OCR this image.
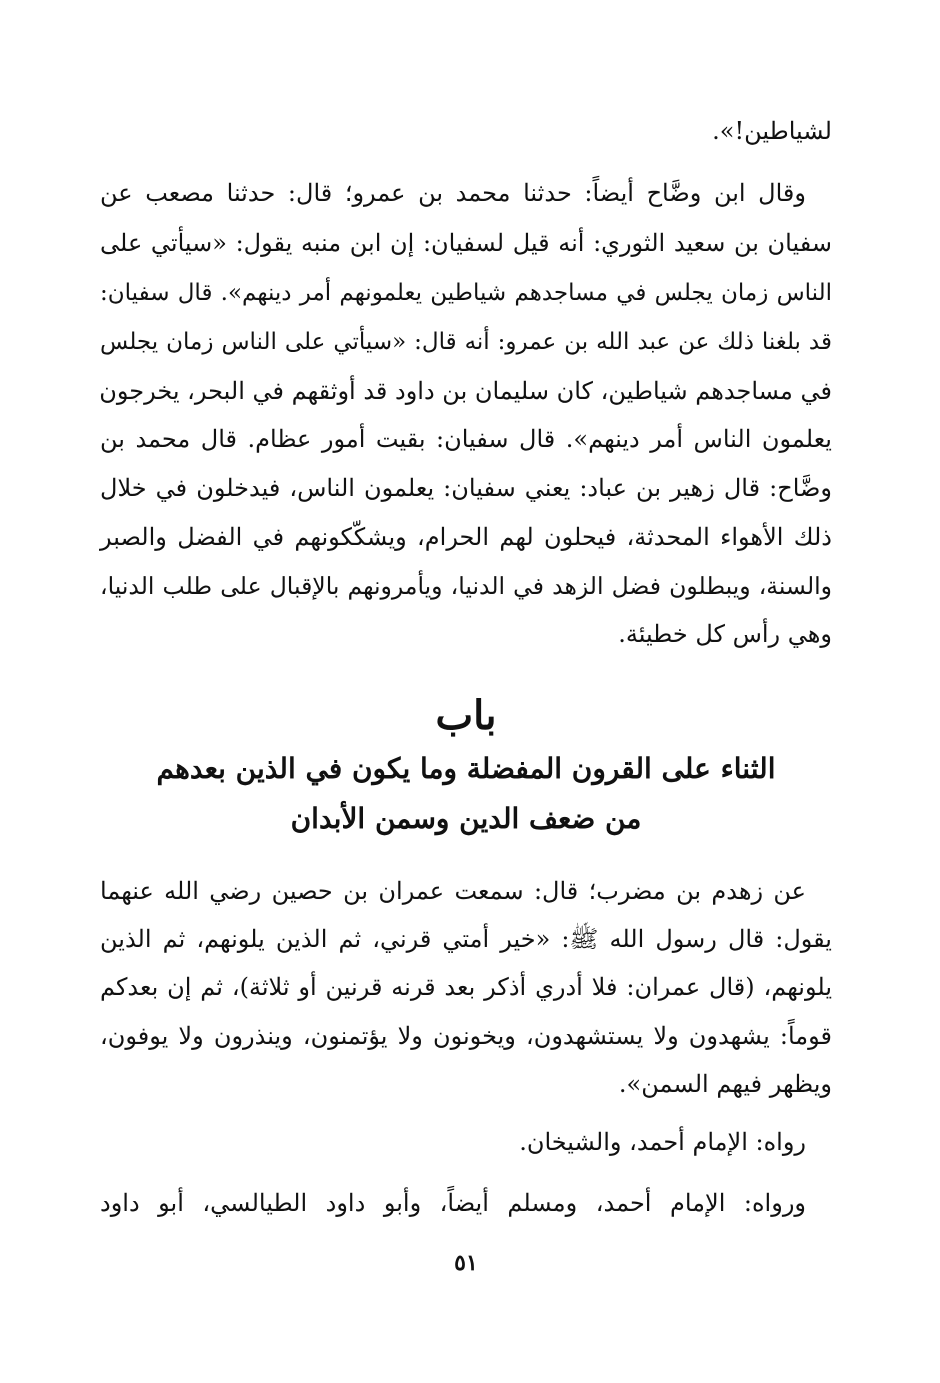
لشياطين!».
وقال ابن وضَّاح أيضاً: حدثنا محمد بن عمرو؛ قال: حدثنا مصعب عن
سفيان بن سعيد الثوري: أنه قيل لسفيان: إن ابن منبه يقول: «سيأتي على
الناس زمان يجلس في مساجدهم شياطين يعلمونهم أمر دينهم». قال سفيان:
قد بلغنا ذلك عن عبد الله بن عمرو: أنه قال: «سيأتي على الناس زمان يجلس
في مساجدهم شياطين، كان سليمان بن داود قد أوثقهم في البحر، يخرجون
يعلمون الناس أمر دينهم». قال سفيان: بقيت أمور عظام. قال محمد بن
وضَّاح: قال زهير بن عباد: يعني سفيان: يعلمون الناس، فيدخلون في خلال
ذلك الأهواء المحدثة، فيحلون لهم الحرام، ويشكّكونهم في الفضل والصبر
والسنة، ويبطلون فضل الزهد في الدنيا، ويأمرونهم بالإقبال على طلب الدنيا،
وهي رأس كل خطيئة.
باب
الثناء على القرون المفضلة وما يكون في الذين بعدهم
من ضعف الدين وسمن الأبدان
عن زهدم بن مضرب؛ قال: سمعت عمران بن حصين رضي الله عنهما
يقول: قال رسول الله ﷺ: «خير أمتي قرني، ثم الذين يلونهم، ثم الذين
يلونهم، (قال عمران: فلا أدري أذكر بعد قرنه قرنين أو ثلاثة)، ثم إن بعدكم
قوماً: يشهدون ولا يستشهدون، ويخونون ولا يؤتمنون، وينذرون ولا يوفون،
ويظهر فيهم السمن».
رواه: الإمام أحمد، والشيخان.
ورواه: الإمام أحمد، ومسلم أيضاً، وأبو داود الطيالسي، أبو داود
٥١
